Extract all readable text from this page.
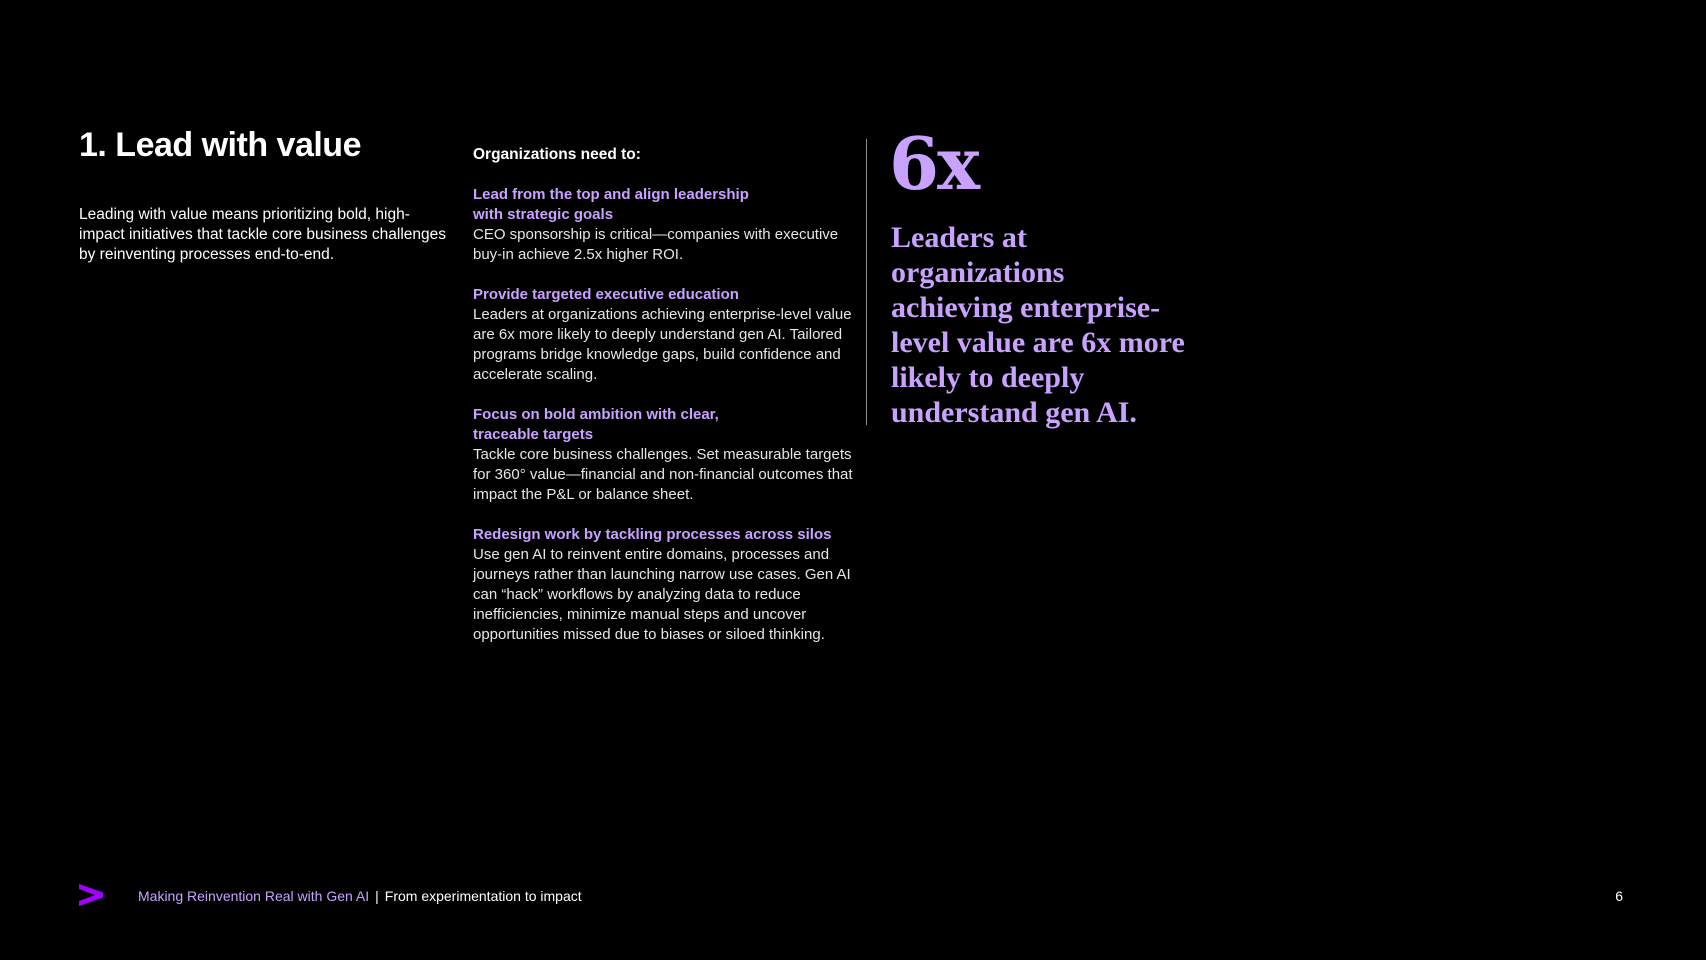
1. Lead with value

Leading with value means prioritizing bold, high-impact initiatives that tackle core business challenges by reinventing processes end-to-end.

Organizations need to:

Lead from the top and align leadership
with strategic goals

CEO sponsorship is critical—companies with executive buy-in achieve 2.5x higher ROI.

Provide targeted executive education

Leaders at organizations achieving enterprise-level value are 6x more likely to deeply understand gen AI. Tailored programs bridge knowledge gaps, build confidence and accelerate scaling.

Focus on bold ambition with clear,
traceable targets

Tackle core business challenges. Set measurable targets for 360° value—financial and non-financial outcomes that impact the P&L or balance sheet.

Redesign work by tackling processes across silos

Use gen AI to reinvent entire domains, processes and journeys rather than launching narrow use cases. Gen AI can “hack” workflows by analyzing data to reduce inefficiencies, minimize manual steps and uncover opportunities missed due to biases or siloed thinking.

6x

Leaders at organizations achieving enterprise-level value are 6x more likely to deeply understand gen AI.

Making Reinvention Real with Gen AI | From experimentation to impact	6
